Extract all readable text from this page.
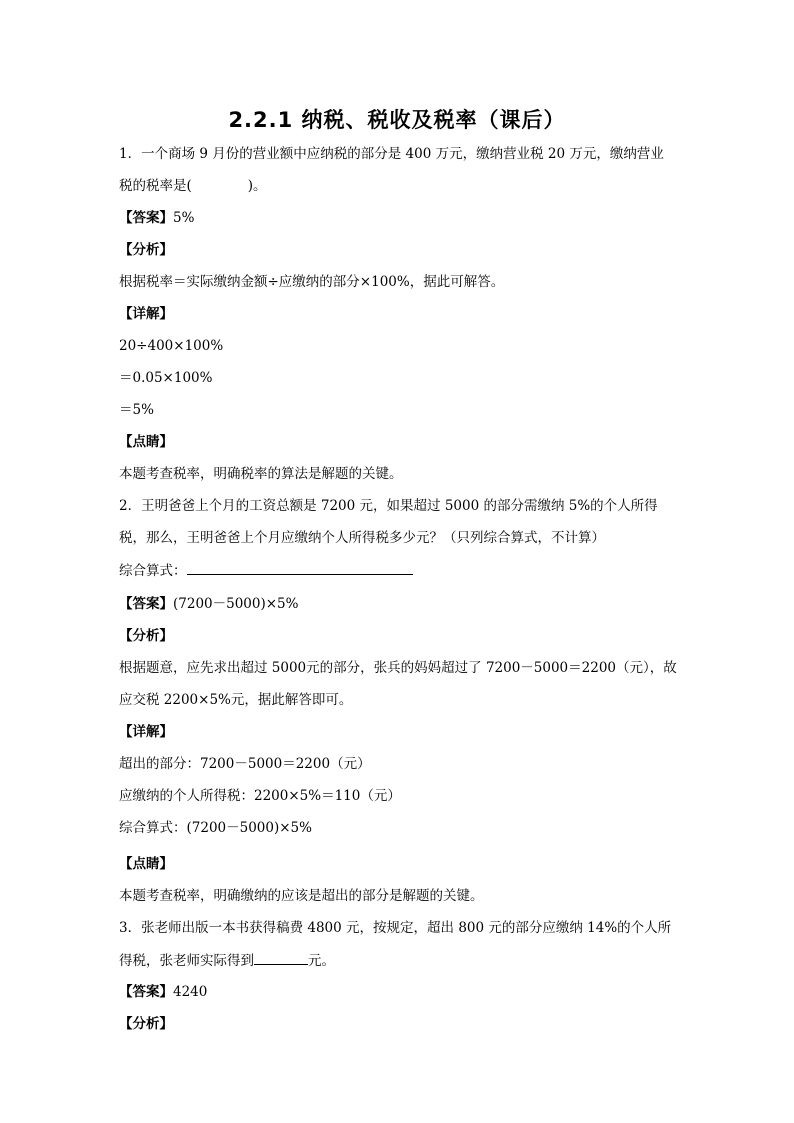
2.2.1 纳税、税收及税率（课后）
1．一个商场 9 月份的营业额中应纳税的部分是 400 万元，缴纳营业税 20 万元，缴纳营业
税的税率是(	)。
【答案】5%
【分析】
根据税率＝实际缴纳金额÷应缴纳的部分×100%，据此可解答。
【详解】
20÷400×100%
＝0.05×100%
＝5%
【点睛】
本题考查税率，明确税率的算法是解题的关键。
2．王明爸爸上个月的工资总额是 7200 元，如果超过 5000 的部分需缴纳 5%的个人所得
税，那么，王明爸爸上个月应缴纳个人所得税多少元？（只列综合算式，不计算）
综合算式：
【答案】(7200－5000)×5%
【分析】
根据题意，应先求出超过 5000元的部分，张兵的妈妈超过了 7200－5000＝2200（元），故
应交税 2200×5%元，据此解答即可。
【详解】
超出的部分：7200－5000＝2200（元）
应缴纳的个人所得税：2200×5%＝110（元）
综合算式：(7200－5000)×5%
【点睛】
本题考查税率，明确缴纳的应该是超出的部分是解题的关键。
3．张老师出版一本书获得稿费 4800 元，按规定，超出 800 元的部分应缴纳 14%的个人所
得税，张老师实际得到	元。
【答案】4240
【分析】
